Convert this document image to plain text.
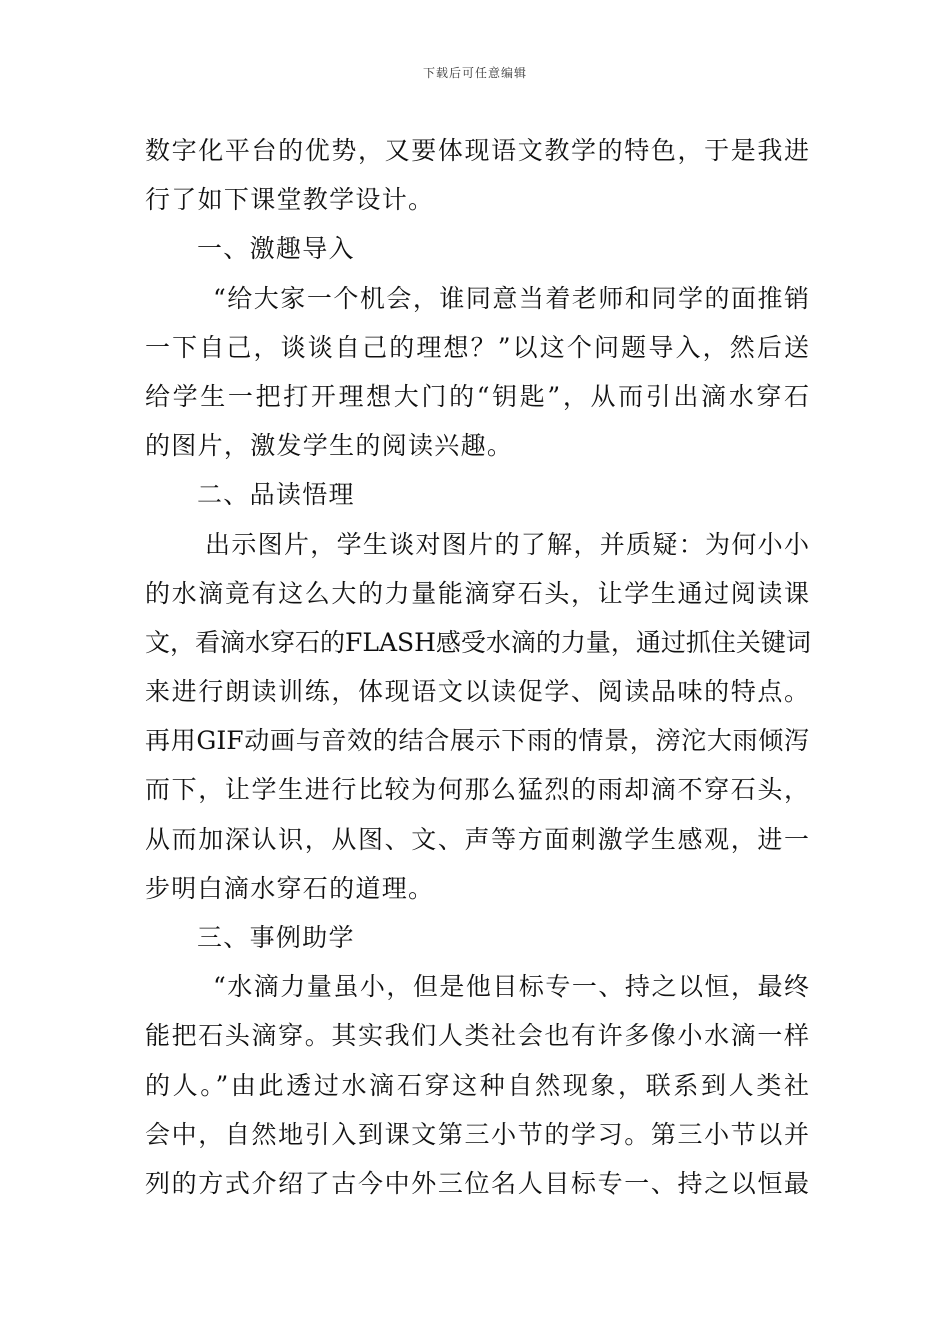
下载后可任意编辑
数字化平台的优势，又要体现语文教学的特色，于是我进
行了如下课堂教学设计。
一、激趣导入
“给大家一个机会，谁同意当着老师和同学的面推销
一下自己，谈谈自己的理想？”以这个问题导入，然后送
给学生一把打开理想大门的“钥匙”，从而引出滴水穿石
的图片，激发学生的阅读兴趣。
二、品读悟理
出示图片，学生谈对图片的了解，并质疑：为何小小
的水滴竟有这么大的力量能滴穿石头，让学生通过阅读课
文，看滴水穿石的FLASH感受水滴的力量，通过抓住关键词
来进行朗读训练，体现语文以读促学、阅读品味的特点。
再用GIF动画与音效的结合展示下雨的情景，滂沱大雨倾泻
而下，让学生进行比较为何那么猛烈的雨却滴不穿石头，
从而加深认识，从图、文、声等方面刺激学生感观，进一
步明白滴水穿石的道理。
三、事例助学
“水滴力量虽小，但是他目标专一、持之以恒，最终
能把石头滴穿。其实我们人类社会也有许多像小水滴一样
的人。”由此透过水滴石穿这种自然现象，联系到人类社
会中，自然地引入到课文第三小节的学习。第三小节以并
列的方式介绍了古今中外三位名人目标专一、持之以恒最
